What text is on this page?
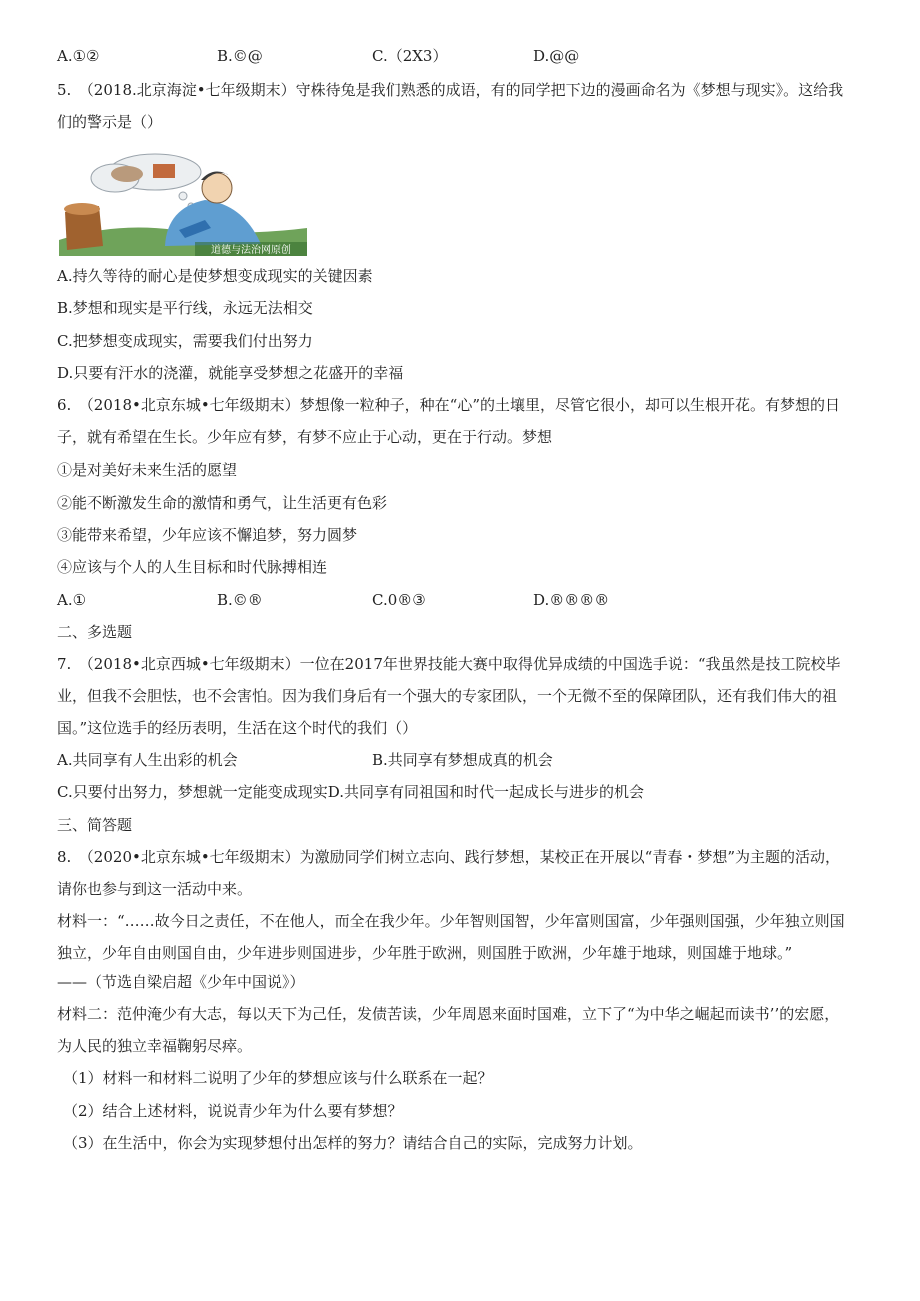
A.①②	B.©@	C.（2X3）	D.@@
5.　（2018.北京海淀•七年级期末）守株待兔是我们熟悉的成语，有的同学把下边的漫画命名为《梦想与现实》。这给我
们的警示是（）
道德与法治网原创
A.持久等待的耐心是使梦想变成现实的关键因素
B.梦想和现实是平行线，永远无法相交
C.把梦想变成现实，需要我们付出努力
D.只要有汗水的浇灌，就能享受梦想之花盛开的幸福
6.　（2018•北京东城•七年级期末）梦想像一粒种子，种在“心”的土壤里，尽管它很小，却可以生根开花。有梦想的日
子，就有希望在生长。少年应有梦，有梦不应止于心动，更在于行动。梦想
①是对美好未来生活的愿望
②能不断激发生命的激情和勇气，让生活更有色彩
③能带来希望，少年应该不懈追梦，努力圆梦
④应该与个人的人生目标和时代脉搏相连
A.①	B.©®	C.0®③	D.®®®®
二、多选题
7.　（2018•北京西城•七年级期末）一位在2017年世界技能大赛中取得优异成绩的中国选手说：“我虽然是技工院校毕
业，但我不会胆怯，也不会害怕。因为我们身后有一个强大的专家团队，一个无微不至的保障团队，还有我们伟大的祖
国。”这位选手的经历表明，生活在这个时代的我们（）
A.共同享有人生出彩的机会	B.共同享有梦想成真的机会
C.只要付出努力，梦想就一定能变成现实D.共同享有同祖国和时代一起成长与进步的机会
三、简答题
8.　（2020•北京东城•七年级期末）为激励同学们树立志向、践行梦想，某校正在开展以“青春・梦想”为主题的活动，
请你也参与到这一活动中来。
材料一：“……故今日之责任，不在他人，而全在我少年。少年智则国智，少年富则国富，少年强则国强，少年独立则国
独立，少年自由则国自由，少年进步则国进步，少年胜于欧洲，则国胜于欧洲，少年雄于地球，则国雄于地球。”
——（节选自梁启超《少年中国说》）
材料二：范仲淹少有大志，每以天下为己任，发债苦读，少年周恩来面时国难，立下了“为中华之崛起而读书’’的宏愿，
为人民的独立幸福鞠躬尽瘁。
（1）材料一和材料二说明了少年的梦想应该与什么联系在一起？
（2）结合上述材料，说说青少年为什么要有梦想？
（3）在生活中，你会为实现梦想付出怎样的努力？请结合自己的实际，完成努力计划。
